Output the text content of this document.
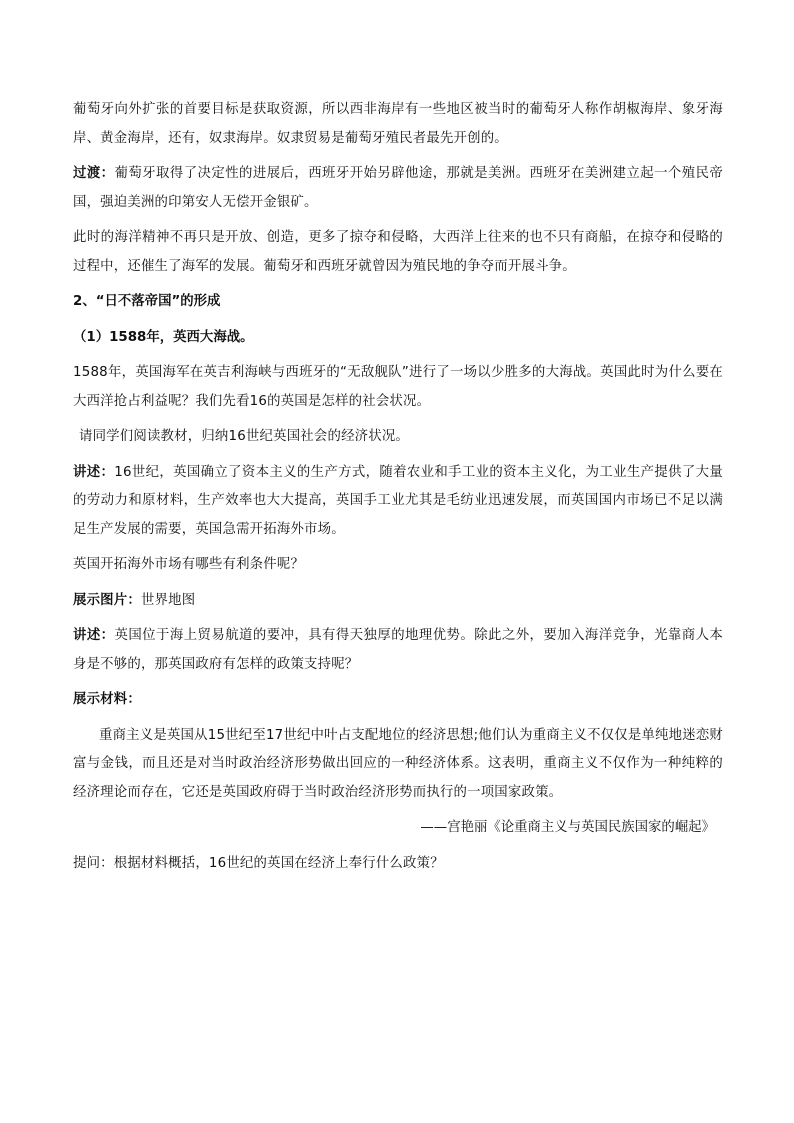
葡萄牙向外扩张的首要目标是获取资源，所以西非海岸有一些地区被当时的葡萄牙人称作胡椒海岸、象牙海岸、黄金海岸，还有，奴隶海岸。奴隶贸易是葡萄牙殖民者最先开创的。

过渡：葡萄牙取得了决定性的进展后，西班牙开始另辟他途，那就是美洲。西班牙在美洲建立起一个殖民帝国，强迫美洲的印第安人无偿开金银矿。

此时的海洋精神不再只是开放、创造，更多了掠夺和侵略，大西洋上往来的也不只有商船，在掠夺和侵略的过程中，还催生了海军的发展。葡萄牙和西班牙就曾因为殖民地的争夺而开展斗争。

2、“日不落帝国”的形成

（1）1588年，英西大海战。

1588年，英国海军在英吉利海峡与西班牙的“无敌舰队”进行了一场以少胜多的大海战。英国此时为什么要在大西洋抢占利益呢？我们先看16的英国是怎样的社会状况。

请同学们阅读教材，归纳16世纪英国社会的经济状况。

讲述：16世纪，英国确立了资本主义的生产方式，随着农业和手工业的资本主义化，为工业生产提供了大量的劳动力和原材料，生产效率也大大提高，英国手工业尤其是毛纺业迅速发展，而英国国内市场已不足以满足生产发展的需要，英国急需开拓海外市场。

英国开拓海外市场有哪些有利条件呢？

展示图片：世界地图

讲述：英国位于海上贸易航道的要冲，具有得天独厚的地理优势。除此之外，要加入海洋竞争，光靠商人本身是不够的，那英国政府有怎样的政策支持呢？

展示材料：

重商主义是英国从15世纪至17世纪中叶占支配地位的经济思想;他们认为重商主义不仅仅是单纯地迷恋财富与金钱，而且还是对当时政治经济形势做出回应的一种经济体系。这表明，重商主义不仅作为一种纯粹的经济理论而存在，它还是英国政府碍于当时政治经济形势而执行的一项国家政策。

——宫艳丽《论重商主义与英国民族国家的崛起》

提问：根据材料概括，16世纪的英国在经济上奉行什么政策？
